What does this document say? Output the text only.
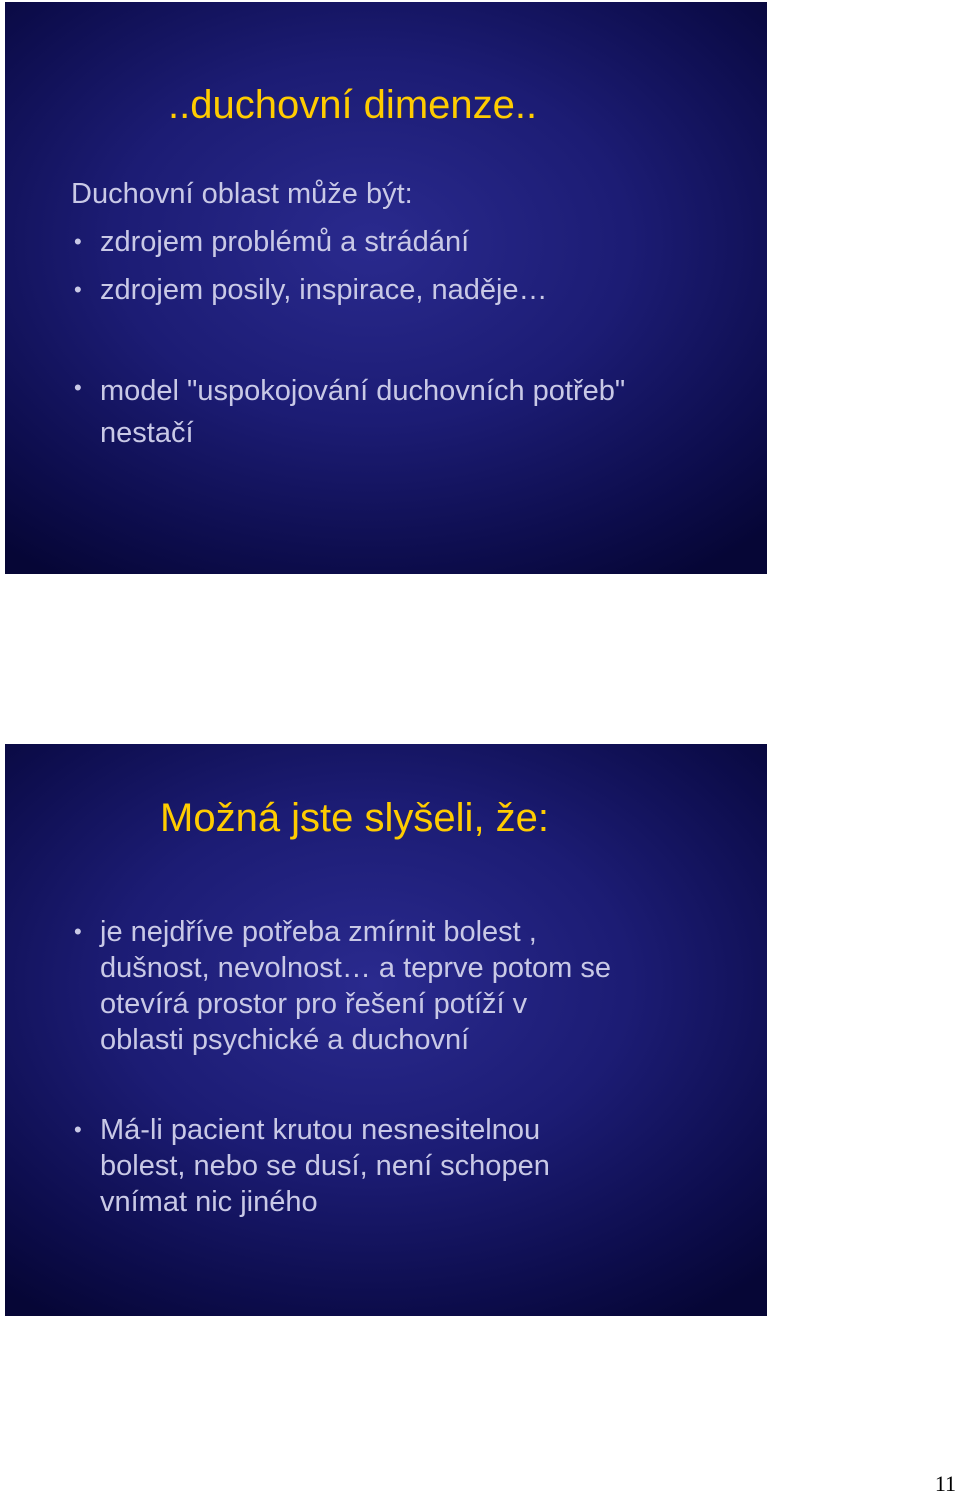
..duchovní dimenze..
Duchovní oblast může být:
• zdrojem problémů a strádání
• zdrojem posily, inspirace, naděje…
• model "uspokojování duchovních potřeb"
nestačí
Možná jste slyšeli, že:
• je nejdříve potřeba zmírnit bolest ,
dušnost, nevolnost… a teprve potom se
otevírá prostor pro řešení potíží v
oblasti psychické a duchovní
• Má-li pacient krutou nesnesitelnou
bolest, nebo se dusí, není schopen
vnímat nic jiného
11
